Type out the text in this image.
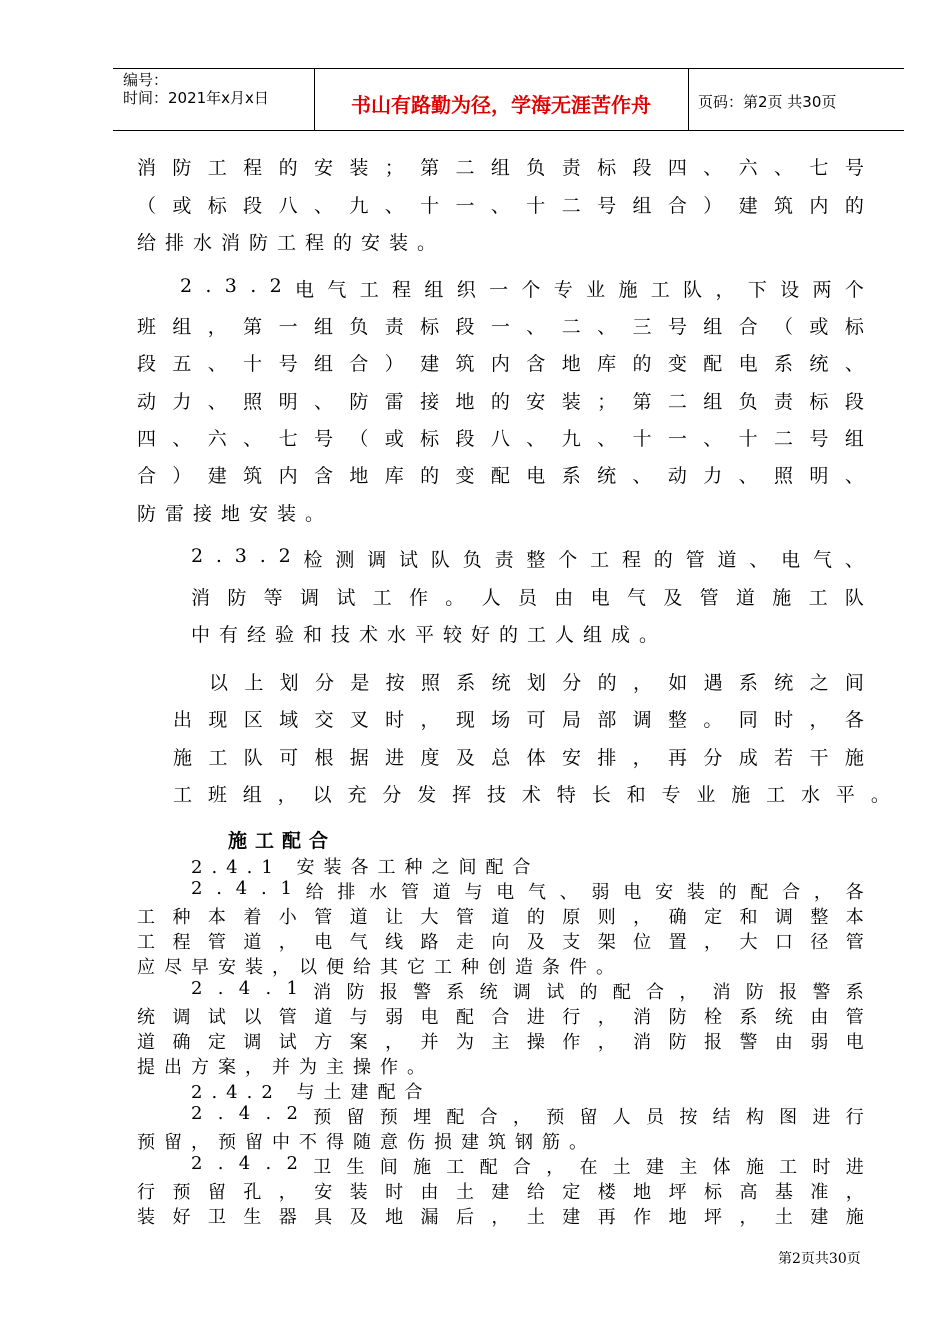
编号：
时间：2021年x月x日	书山有路勤为径，学海无涯苦作舟	页码：第2页 共30页
消 防 工 程 的 安 装 ； 第 二 组 负 责 标 段 四 、 六 、 七 号
（ 或 标 段 八 、 九 、 十 一 、 十 二 号 组 合 ） 建 筑 内 的
给排水消防工程的安装。
2 . 3 . 2 电 气 工 程 组 织 一 个 专 业 施 工 队 ， 下 设 两 个
班 组 ， 第 一 组 负 责 标 段 一 、 二 、 三 号 组 合 （ 或 标
段 五 、 十 号 组 合 ） 建 筑 内 含 地 库 的 变 配 电 系 统 、
动 力 、 照 明 、 防 雷 接 地 的 安 装 ； 第 二 组 负 责 标 段
四 、 六 、 七 号 （ 或 标 段 八 、 九 、 十 一 、 十 二 号 组
合 ） 建 筑 内 含 地 库 的 变 配 电 系 统 、 动 力 、 照 明 、
防雷接地安装。
2 . 3 . 2 检 测 调 试 队 负 责 整 个 工 程 的 管 道 、 电 气 、
消 防 等 调 试 工 作 。 人 员 由 电 气 及 管 道 施 工 队
中有经验和技术水平较好的工人组成。
以 上 划 分 是 按 照 系 统 划 分 的 ， 如 遇 系 统 之 间
出 现 区 域 交 叉 时 ， 现 场 可 局 部 调 整 。 同 时 ， 各
施 工 队 可 根 据 进 度 及 总 体 安 排 ， 再 分 成 若 干 施
工 班 组 ， 以 充 分 发 挥 技 术 特 长 和 专 业 施 工 水 平 。
施工配合
2.4.1 安装各工种之间配合
2 . 4 . 1 给 排 水 管 道 与 电 气 、 弱 电 安 装 的 配 合 ， 各
工 种 本 着 小 管 道 让 大 管 道 的 原 则 ， 确 定 和 调 整 本
工 程 管 道 ， 电 气 线 路 走 向 及 支 架 位 置 ， 大 口 径 管
应尽早安装，以便给其它工种创造条件。
2 . 4 . 1 消 防 报 警 系 统 调 试 的 配 合 ， 消 防 报 警 系
统 调 试 以 管 道 与 弱 电 配 合 进 行 ， 消 防 栓 系 统 由 管
道 确 定 调 试 方 案 ， 并 为 主 操 作 ， 消 防 报 警 由 弱 电
提出方案，并为主操作。
2.4.2 与土建配合
2 . 4 . 2 预 留 预 埋 配 合 ， 预 留 人 员 按 结 构 图 进 行
预留，预留中不得随意伤损建筑钢筋。
2 . 4 . 2 卫 生 间 施 工 配 合 ， 在 土 建 主 体 施 工 时 进
行 预 留 孔 ， 安 装 时 由 土 建 给 定 楼 地 坪 标 高 基 准 ，
装 好 卫 生 器 具 及 地 漏 后 ， 土 建 再 作 地 坪 ， 土 建 施
第2页共30页
